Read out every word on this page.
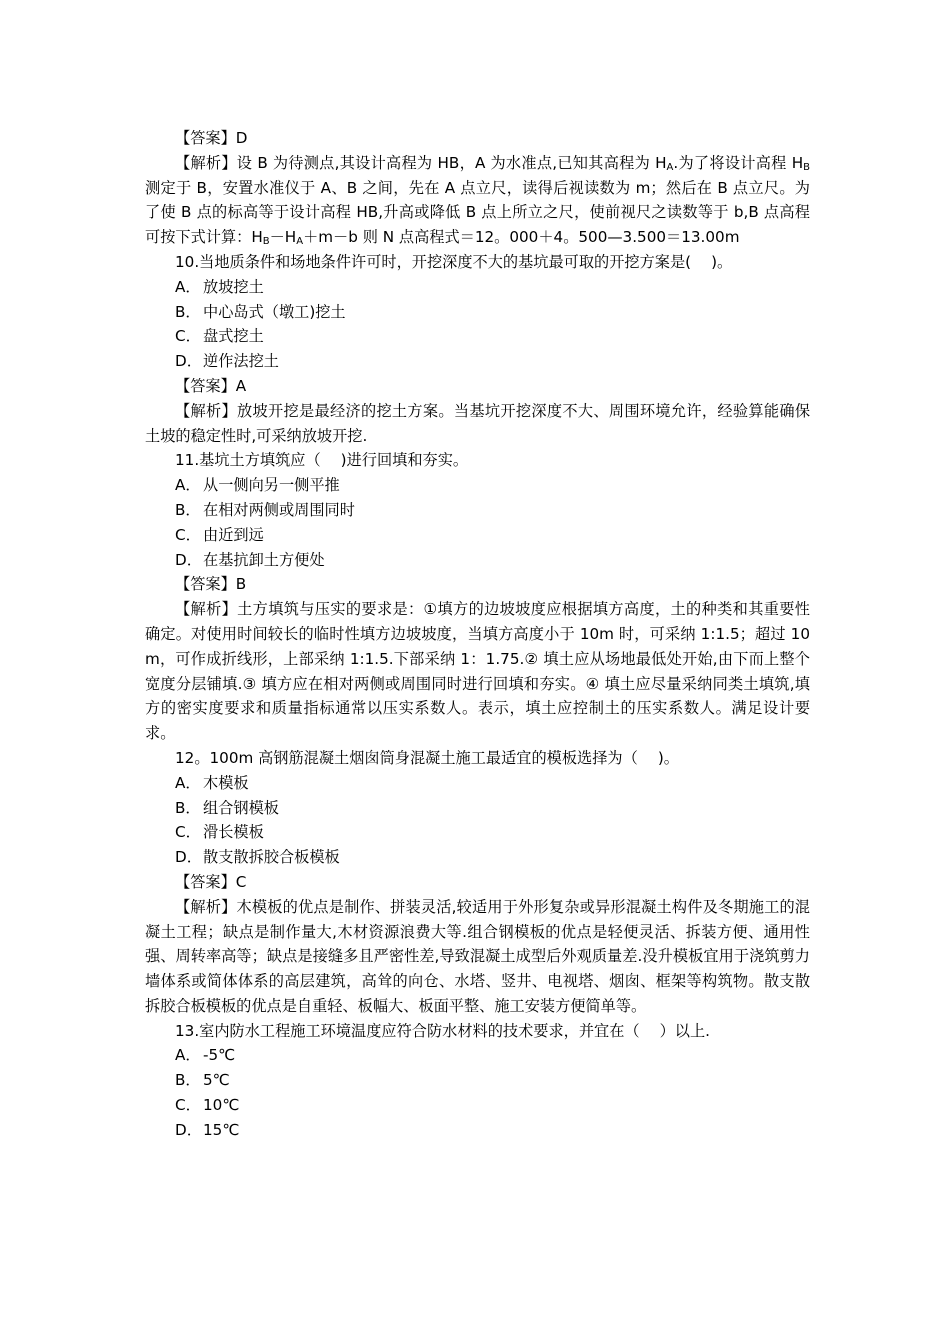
【答案】D

【解析】设 B 为待测点,其设计高程为 HB，A 为水准点,已知其高程为 $H_A$.为了将设计高程 $H_B$测定于 B，安置水准仪于 A、B 之间，先在 A 点立尺，读得后视读数为 m；然后在 B 点立尺。为了使 B 点的标高等于设计高程 HB,升高或降低 B 点上所立之尺，使前视尺之读数等于 b,B 点高程可按下式计算：$H_B-H_A+m-b$ 则 N 点高程式＝12。000＋4。500—3.500＝13.00m

10.当地质条件和场地条件许可时，开挖深度不大的基坑最可取的开挖方案是(　 )。

A． 放坡挖土

B． 中心岛式（墩工)挖土

C． 盘式挖土

D．逆作法挖土

【答案】A

【解析】放坡开挖是最经济的挖土方案。当基坑开挖深度不大、周围环境允许，经验算能确保土坡的稳定性时,可采纳放坡开挖.

11.基坑土方填筑应（　 )进行回填和夯实。

A． 从一侧向另一侧平推

B． 在相对两侧或周围同时

C． 由近到远

D．在基抗卸土方便处

【答案】B

【解析】土方填筑与压实的要求是：①填方的边坡坡度应根据填方高度，土的种类和其重要性确定。对使用时间较长的临时性填方边坡坡度，当填方高度小于 10m 时，可采纳 1:1.5；超过 10m，可作成折线形，上部采纳 1:1.5.下部采纳 1：1.75.② 填土应从场地最低处开始,由下而上整个宽度分层铺填.③ 填方应在相对两侧或周围同时进行回填和夯实。④ 填土应尽量采纳同类土填筑,填方的密实度要求和质量指标通常以压实系数人。表示，填土应控制土的压实系数人。满足设计要求。

12。100m 高钢筋混凝土烟囱筒身混凝土施工最适宜的模板选择为（　 )。

A． 木模板

B． 组合钢模板

C． 滑长模板

D．散支散拆胶合板模板

【答案】C

【解析】木模板的优点是制作、拼装灵活,较适用于外形复杂或异形混凝土构件及冬期施工的混凝土工程；缺点是制作量大,木材资源浪费大等.组合钢模板的优点是轻便灵活、拆装方便、通用性强、周转率高等；缺点是接缝多且严密性差,导致混凝土成型后外观质量差.没升模板宜用于浇筑剪力墙体系或简体体系的高层建筑，高耸的向仓、水塔、竖井、电视塔、烟囱、框架等构筑物。散支散拆胶合板模板的优点是自重轻、板幅大、板面平整、施工安装方便简单等。

13.室内防水工程施工环境温度应符合防水材料的技术要求，并宜在（　 ）以上.

A． -5℃

B． 5℃

C． 10℃

D．15℃
